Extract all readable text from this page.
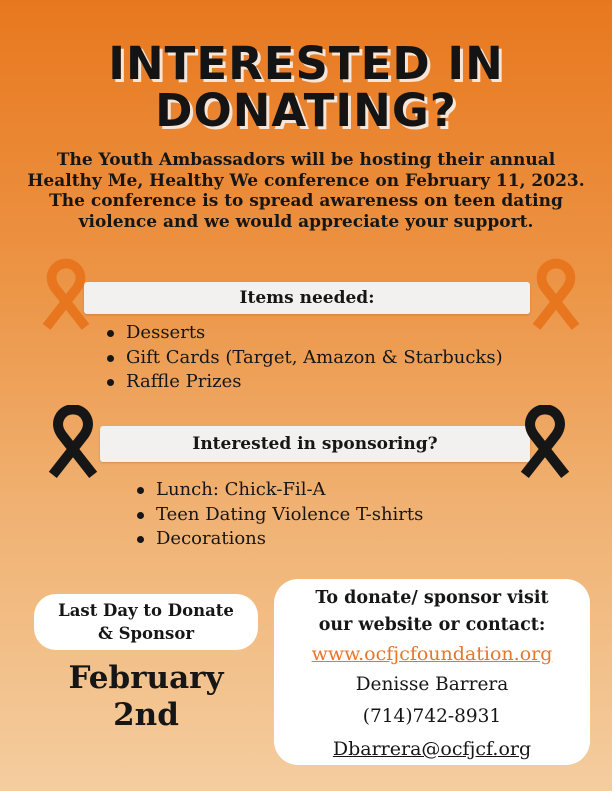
INTERESTED IN
DONATING?

The Youth Ambassadors will be hosting their annual Healthy Me, Healthy We conference on February 11, 2023. The conference is to spread awareness on teen dating violence and we would appreciate your support.

Items needed:
Desserts
Gift Cards (Target, Amazon & Starbucks)
Raffle Prizes
Interested in sponsoring?
Lunch: Chick-Fil-A
Teen Dating Violence T-shirts
Decorations
Last Day to Donate
& Sponsor
February
2nd
To donate/ sponsor visit
our website or contact:
www.ocfjcfoundation.org
Denisse Barrera
(714)742-8931
Dbarrera@ocfjcf.org
